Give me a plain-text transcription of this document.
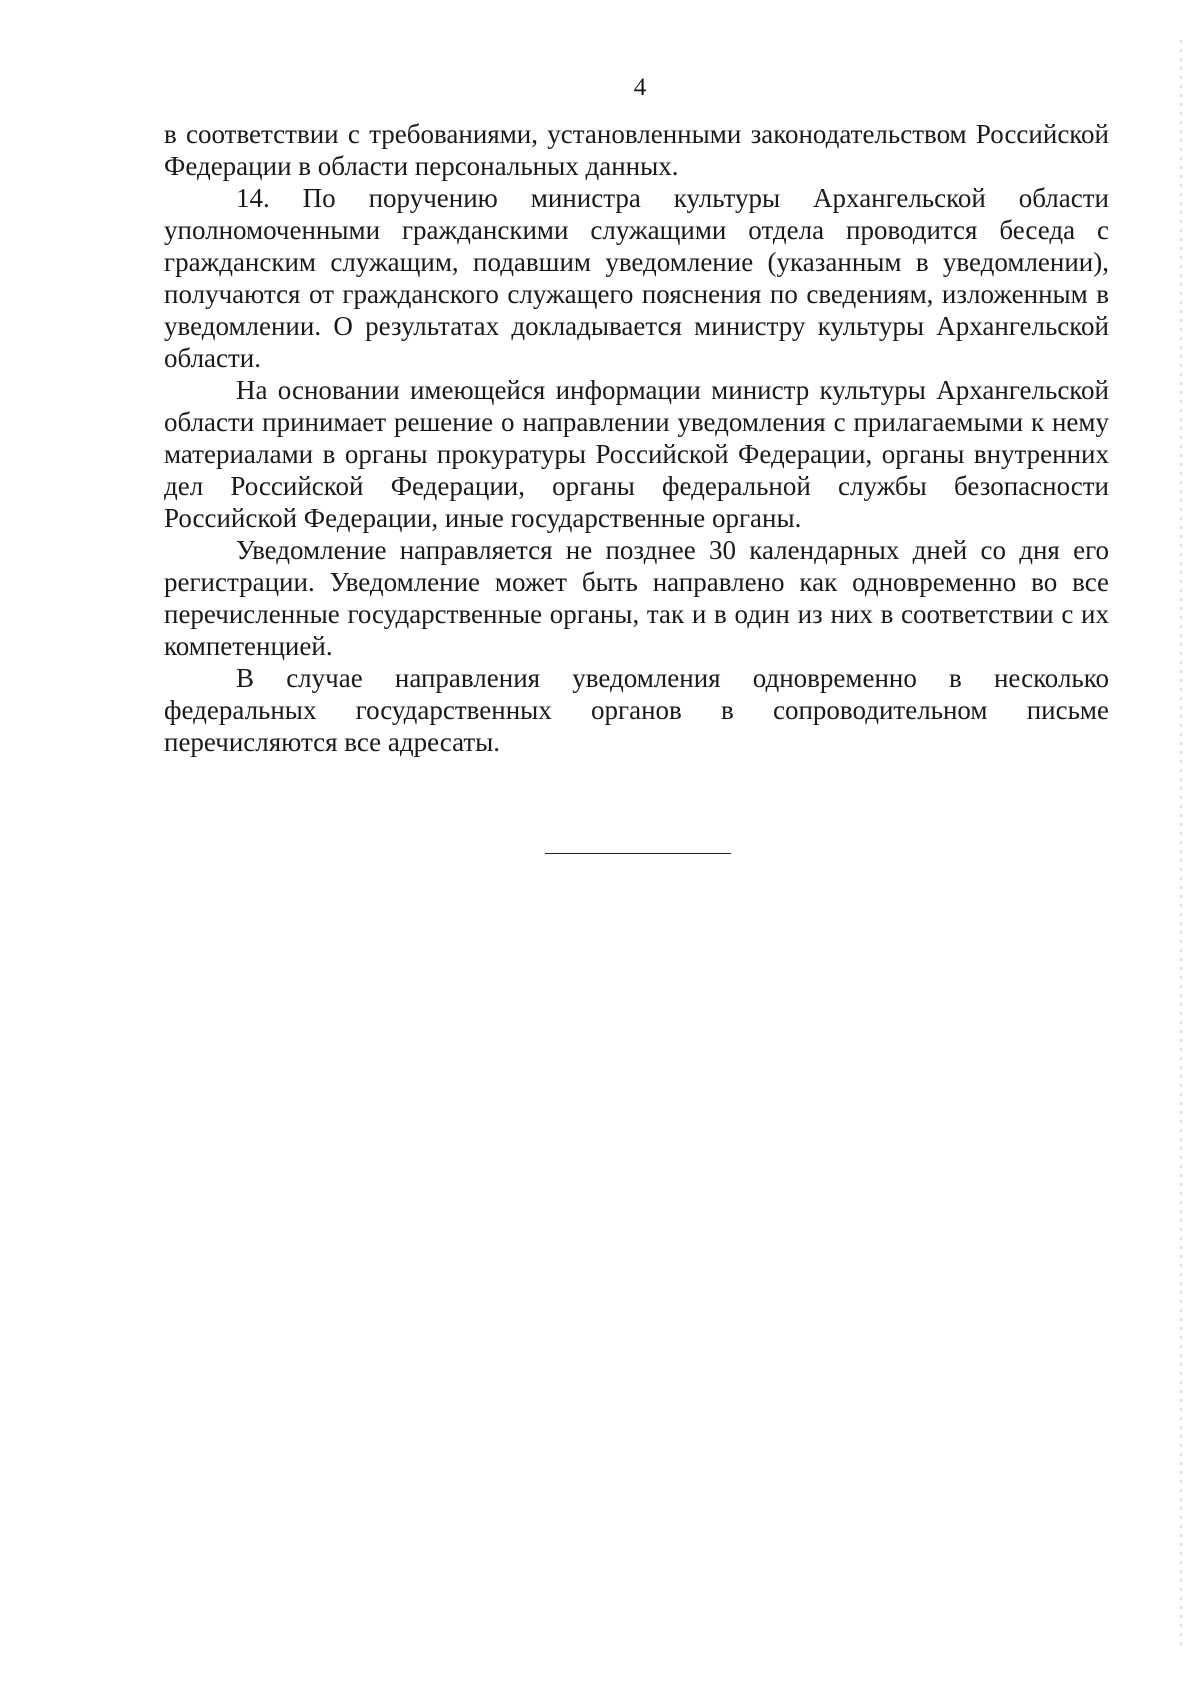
4

в соответствии с требованиями, установленными законодательством Российской Федерации в области персональных данных.

14. По поручению министра культуры Архангельской области уполномоченными гражданскими служащими отдела проводится беседа с гражданским служащим, подавшим уведомление (указанным в уведомлении), получаются от гражданского служащего пояснения по сведениям, изложенным в уведомлении. О результатах докладывается министру культуры Архангельской области.

На основании имеющейся информации министр культуры Архангельской области принимает решение о направлении уведомления с прилагаемыми к нему материалами в органы прокуратуры Российской Федерации, органы внутренних дел Российской Федерации, органы федеральной службы безопасности Российской Федерации, иные государственные органы.

Уведомление направляется не позднее 30 календарных дней со дня его регистрации. Уведомление может быть направлено как одновременно во все перечисленные государственные органы, так и в один из них в соответствии с их компетенцией.

В случае направления уведомления одновременно в несколько федеральных государственных органов в сопроводительном письме перечисляются все адресаты.
